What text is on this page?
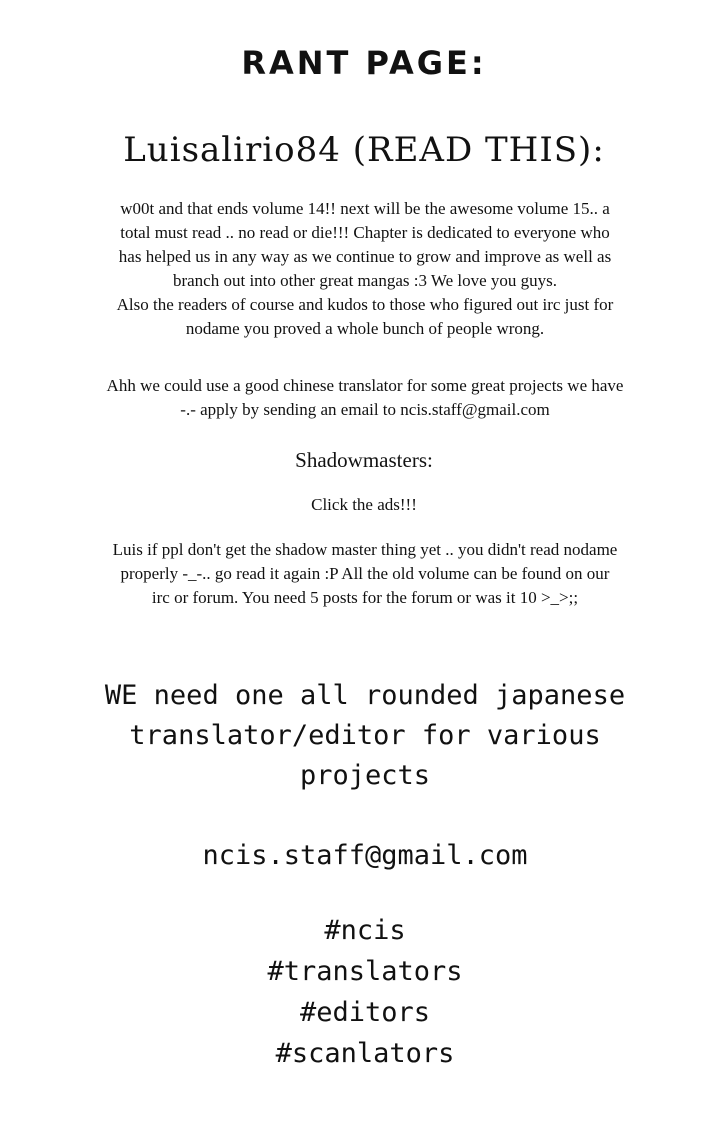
RANT PAGE:
Luisalirio84 (READ THIS):
w00t and that ends volume 14!! next will be the awesome volume 15.. a
total must read .. no read or die!!! Chapter is dedicated to everyone who
has helped us in any way as we continue to grow and improve as well as
branch out into other great mangas :3 We love you guys.
Also the readers of course and kudos to those who figured out irc just for
nodame you proved a whole bunch of people wrong.
Ahh we could use a good chinese translator for some great projects we have
-.- apply by sending an email to ncis.staff@gmail.com
Shadowmasters:
Click the ads!!!
Luis if ppl don't get the shadow master thing yet .. you didn't read nodame
properly -_-.. go read it again :P All the old volume can be found on our
irc or forum. You need 5 posts for the forum or was it 10 >_>;;
WE need one all rounded japanese
translator/editor for various
projects
ncis.staff@gmail.com
#ncis
#translators
#editors
#scanlators
